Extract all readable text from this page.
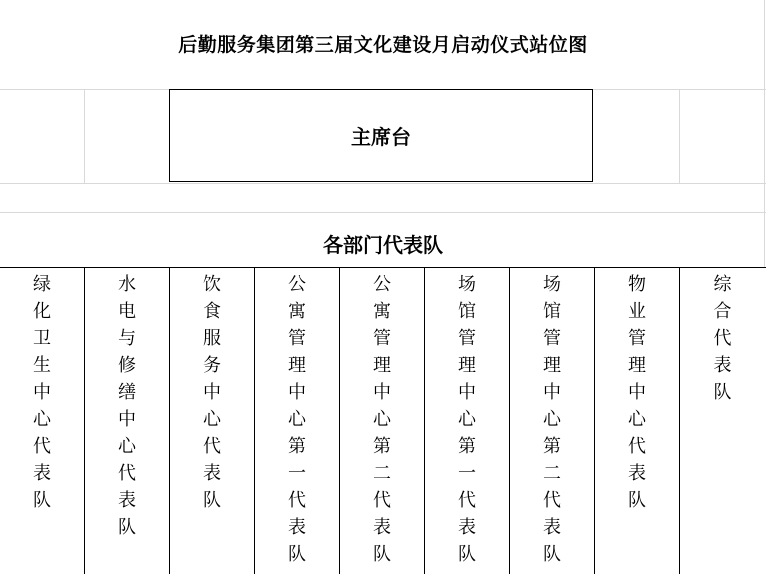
后勤服务集团第三届文化建设月启动仪式站位图
主席台
各部门代表队
绿
化
卫
生
中
心
代
表
队
水
电
与
修
缮
中
心
代
表
队
饮
食
服
务
中
心
代
表
队
公
寓
管
理
中
心
第
一
代
表
队
公
寓
管
理
中
心
第
二
代
表
队
场
馆
管
理
中
心
第
一
代
表
队
场
馆
管
理
中
心
第
二
代
表
队
物
业
管
理
中
心
代
表
队
综
合
代
表
队
